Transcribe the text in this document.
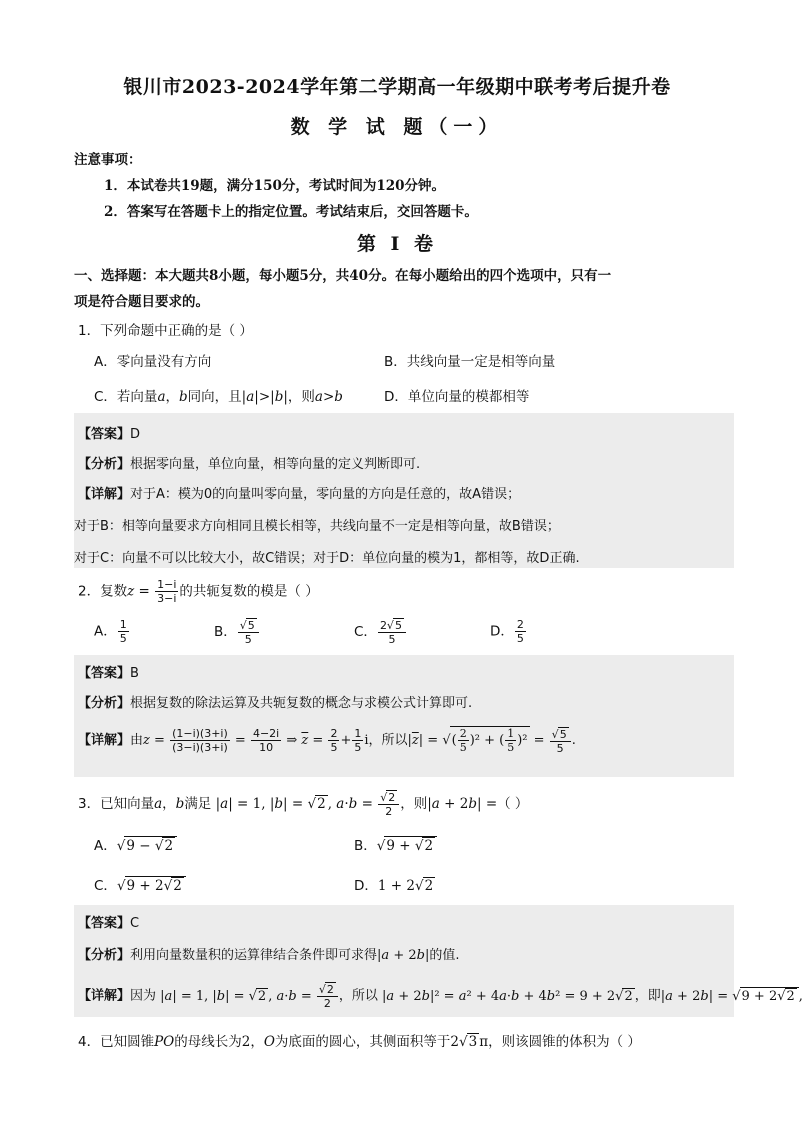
银川市2023-2024学年第二学期高一年级期中联考考后提升卷
数 学 试 题（一）
注意事项：
1．本试卷共19题，满分150分，考试时间为120分钟。
2．答案写在答题卡上的指定位置。考试结束后，交回答题卡。
第 I 卷
一、选择题：本大题共8小题，每小题5分，共40分。在每小题给出的四个选项中，只有一
项是符合题目要求的。
1．下列命题中正确的是（ ）
A．零向量没有方向	B．共线向量一定是相等向量
C．若向量a，b同向，且|a|>|b|，则a>b	D．单位向量的模都相等
【答案】D
【分析】根据零向量，单位向量，相等向量的定义判断即可.
【详解】对于A：模为0的向量叫零向量，零向量的方向是任意的，故A错误；
对于B：相等向量要求方向相同且模长相等，共线向量不一定是相等向量，故B错误；
对于C：向量不可以比较大小，故C错误；对于D：单位向量的模为1，都相等，故D正确.
2．复数$z = \frac{1-i}{3-i}$ 的共轭复数的模是（ ）
A． $\frac{1}{5}$	B． $\frac{√5}{5}$	C． $\frac{2√5}{5}$	D． $\frac{2}{5}$
【答案】B
【分析】根据复数的除法运算及共轭复数的概念与求模公式计算即可.
【详解】由$z = \frac{(1-i)(3+i)}{(3-i)(3+i)} = \frac{4-2i}{10}$ ⇒ $\overline{z} = \frac{2}{5} + \frac{1}{5}$ i，所以$|\overline{z}|$ = √( $\frac{2}{5} )^2$ + ( $\frac{1}{5} )^2 = \frac{√5}{5}$ .
3．已知向量a，b满足 |a| = 1, |b| = √2 , $a\cdot b = \frac{√2}{2}$ ，则|a + 2b| =（ ）
A．√9 − √2	B．√9 + √2
C．√9 + 2√2	D．1 + 2√2
【答案】C
【分析】利用向量数量积的运算律结合条件即可求得|a + 2b|的值.
【详解】因为 |a| = 1, |b| = √2 , $a\cdot b = \frac{√2}{2}$ ，所以 |a + 2b|² = a² + 4a·b + 4b² = 9 + 2√2 ，即|a + 2b| = √9 + 2√2 ,
4．已知圆锥PO的母线长为2，O为底面的圆心，其侧面积等于2√3 π，则该圆锥的体积为（ ）
